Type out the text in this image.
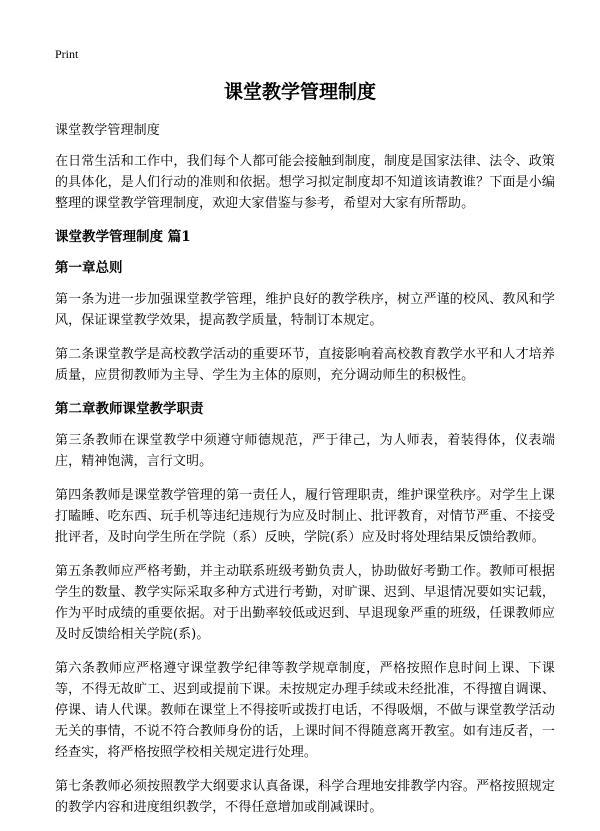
Print
课堂教学管理制度

课堂教学管理制度

在日常生活和工作中，我们每个人都可能会接触到制度，制度是国家法律、法令、政策的具体化，是人们行动的准则和依据。想学习拟定制度却不知道该请教谁？下面是小编整理的课堂教学管理制度，欢迎大家借鉴与参考，希望对大家有所帮助。

课堂教学管理制度 篇1
第一章总则

第一条为进一步加强课堂教学管理，维护良好的教学秩序，树立严谨的校风、教风和学风，保证课堂教学效果，提高教学质量，特制订本规定。

第二条课堂教学是高校教学活动的重要环节，直接影响着高校教育教学水平和人才培养质量，应贯彻教师为主导、学生为主体的原则，充分调动师生的积极性。

第二章教师课堂教学职责

第三条教师在课堂教学中须遵守师德规范，严于律己，为人师表，着装得体，仪表端庄，精神饱满，言行文明。

第四条教师是课堂教学管理的第一责任人，履行管理职责，维护课堂秩序。对学生上课打瞌睡、吃东西、玩手机等违纪违规行为应及时制止、批评教育，对情节严重、不接受批评者，及时向学生所在学院（系）反映，学院(系）应及时将处理结果反馈给教师。

第五条教师应严格考勤，并主动联系班级考勤负责人，协助做好考勤工作。教师可根据学生的数量、教学实际采取多种方式进行考勤，对旷课、迟到、早退情况要如实记载，作为平时成绩的重要依据。对于出勤率较低或迟到、早退现象严重的班级，任课教师应及时反馈给相关学院(系)。

第六条教师应严格遵守课堂教学纪律等教学规章制度，严格按照作息时间上课、下课等，不得无故旷工、迟到或提前下课。未按规定办理手续或未经批准，不得擅自调课、停课、请人代课。教师在课堂上不得接听或拨打电话，不得吸烟，不做与课堂教学活动无关的事情，不说不符合教师身份的话，上课时间不得随意离开教室。如有违反者，一经查实，将严格按照学校相关规定进行处理。

第七条教师必须按照教学大纲要求认真备课，科学合理地安排教学内容。严格按照规定的教学内容和进度组织教学，不得任意增加或削减课时。
